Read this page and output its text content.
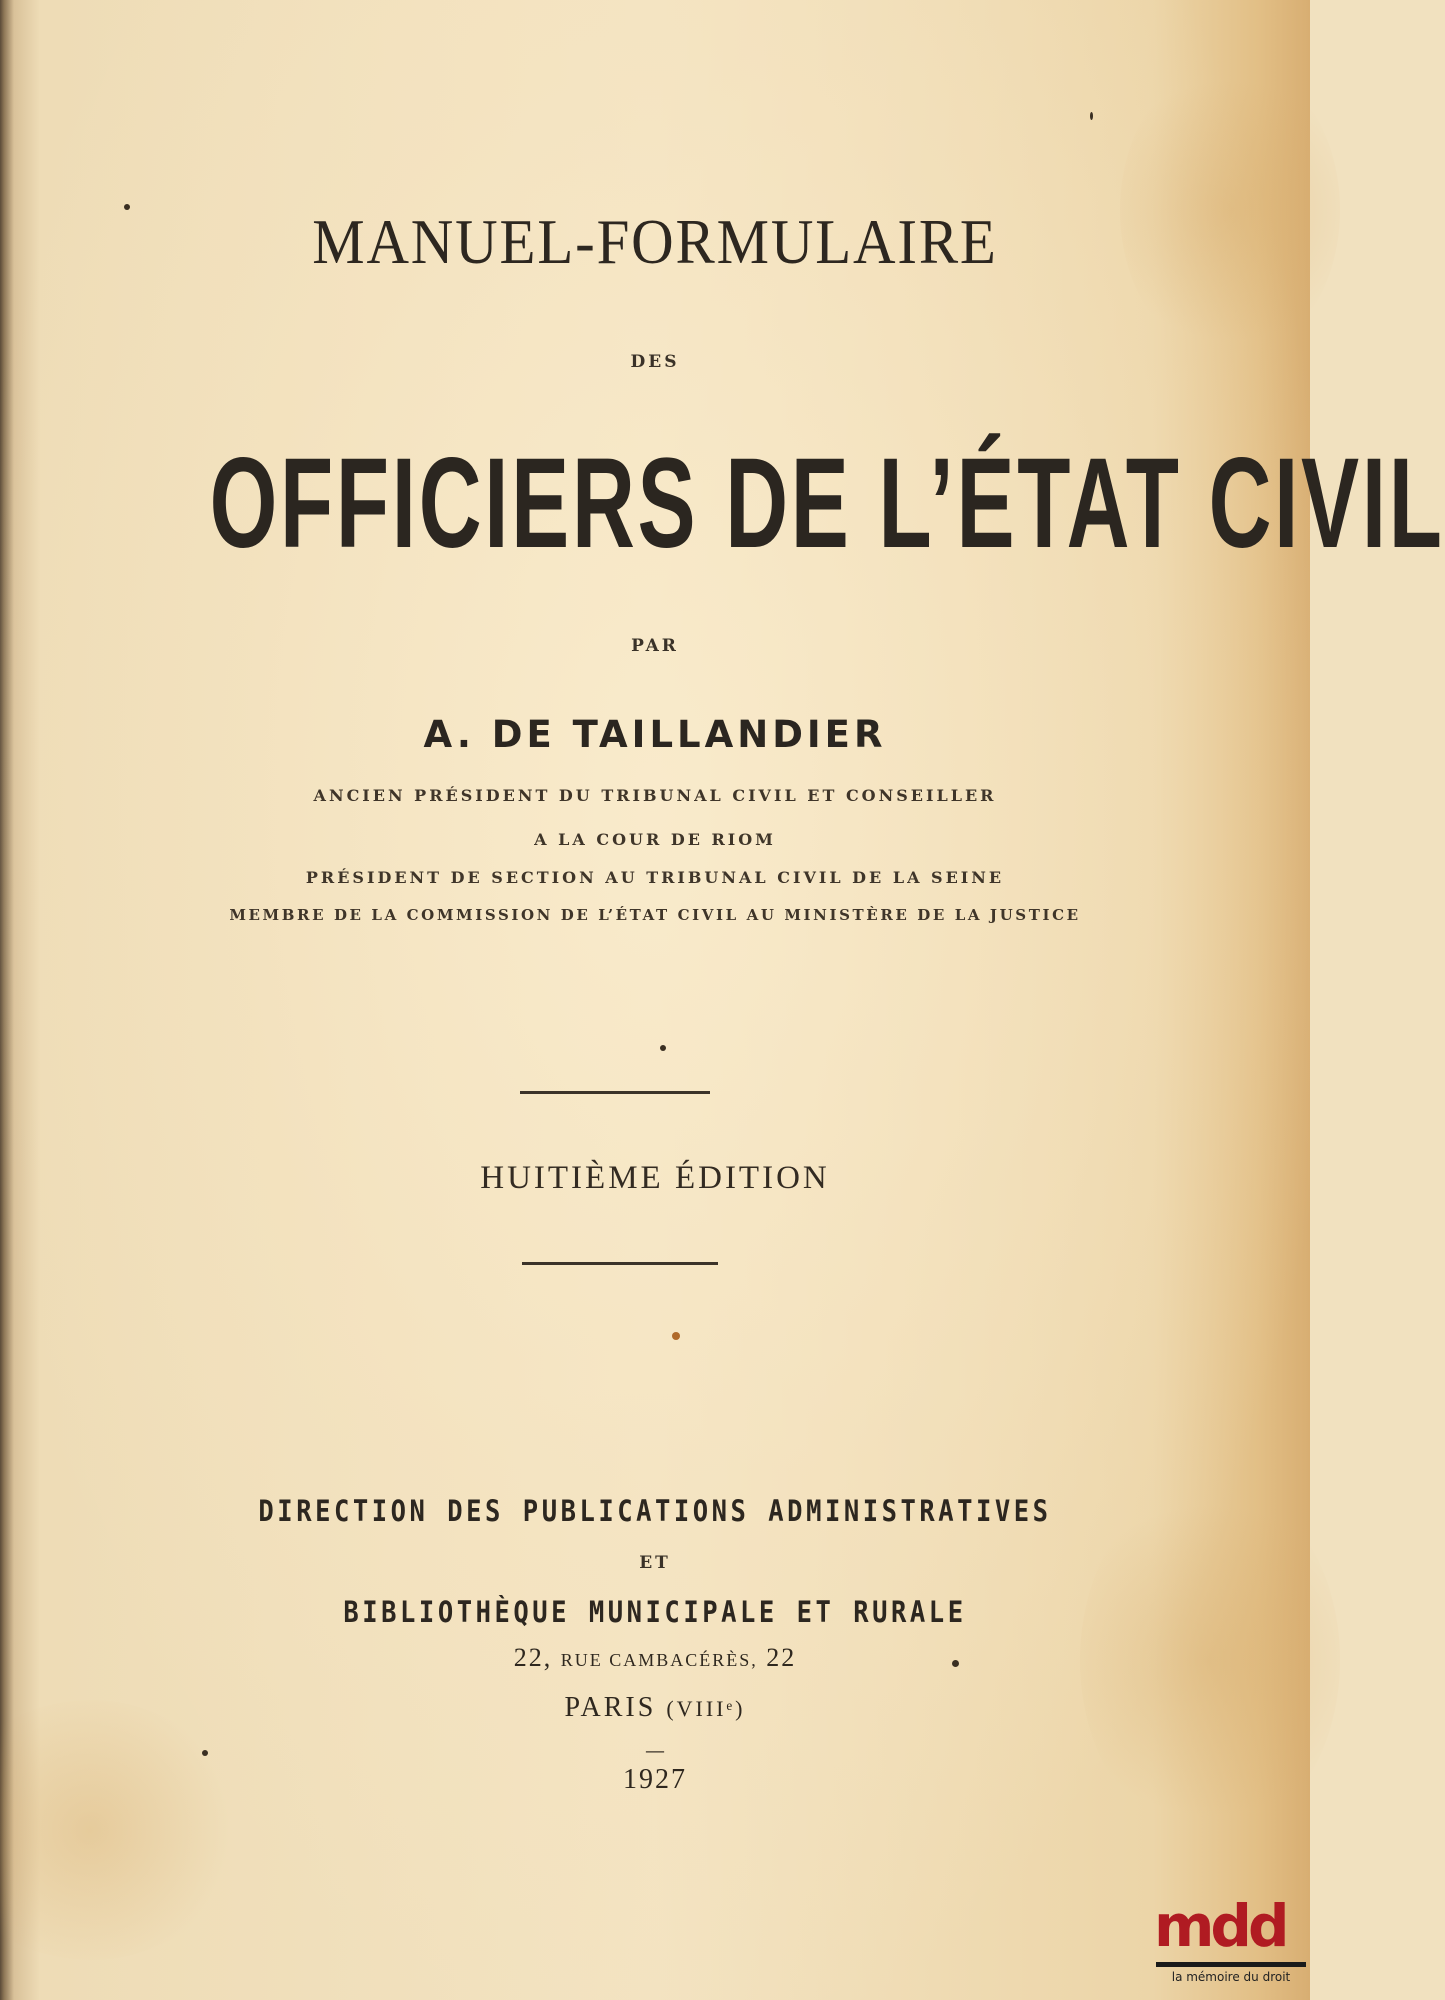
MANUEL-FORMULAIRE
DES
OFFICIERS DE L’ÉTAT CIVIL
PAR
A. DE TAILLANDIER
ANCIEN PRÉSIDENT DU TRIBUNAL CIVIL ET CONSEILLER
A LA COUR DE RIOM
PRÉSIDENT DE SECTION AU TRIBUNAL CIVIL DE LA SEINE
MEMBRE DE LA COMMISSION DE L’ÉTAT CIVIL AU MINISTÈRE DE LA JUSTICE
HUITIÈME ÉDITION
DIRECTION DES PUBLICATIONS ADMINISTRATIVES
ET
BIBLIOTHÈQUE MUNICIPALE ET RURALE
22, RUE CAMBACÉRÈS, 22
PARIS (VIIIᵉ)
—
1927
mdd
la mémoire du droit
